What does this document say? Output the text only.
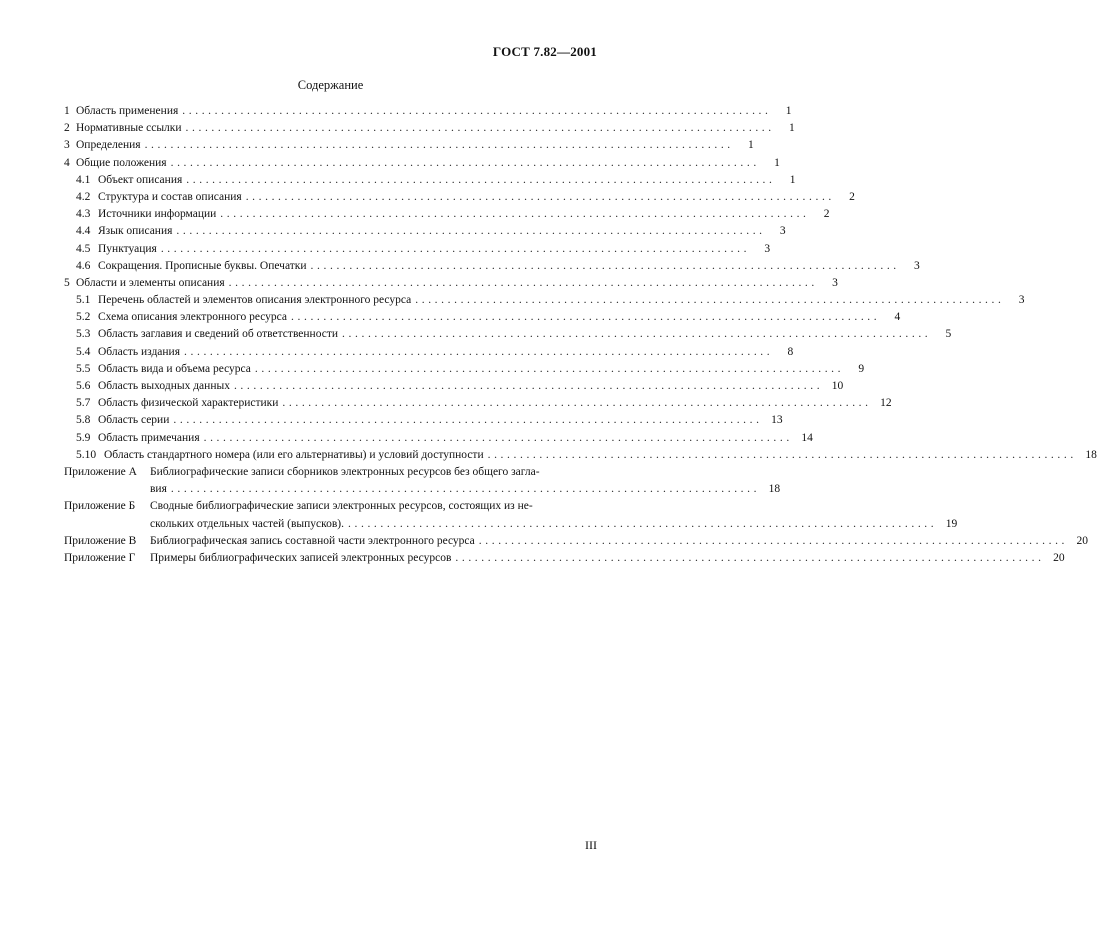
ГОСТ 7.82—2001
Содержание
1 Область применения ...........................................................................................	1
2 Нормативные ссылки ...........................................................................................	1
3 Определения ...........................................................................................	1
4 Общие положения ...........................................................................................	1
4.1 Объект описания ...........................................................................................	1
4.2 Структура и состав описания ...........................................................................................	2
4.3 Источники информации ...........................................................................................	2
4.4 Язык описания ...........................................................................................	3
4.5 Пунктуация ...........................................................................................	3
4.6 Сокращения. Прописные буквы. Опечатки ...........................................................................................	3
5 Области и элементы описания ...........................................................................................	3
5.1 Перечень областей и элементов описания электронного ресурса ...........................................................................................	3
5.2 Схема описания электронного ресурса ...........................................................................................	4
5.3 Область заглавия и сведений об ответственности ...........................................................................................	5
5.4 Область издания ...........................................................................................	8
5.5 Область вида и объема ресурса ...........................................................................................	9
5.6 Область выходных данных ........................................................................................... 10
5.7 Область физической характеристики ........................................................................................... 12
5.8 Область серии ........................................................................................... 13
5.9 Область примечания ........................................................................................... 14
5.10 Область стандартного номера (или его альтернативы) и условий доступности ........................................................................................... 18
Приложение А	Библиографические записи сборников электронных ресурсов без общего загла-
вия ........................................................................................... 18
Приложение Б	Сводные библиографические записи электронных ресурсов, состоящих из не-
скольких отдельных частей (выпусков). ........................................................................................... 19
Приложение В	Библиографическая запись составной части электронного ресурса ........................................................................................... 20
Приложение Г	Примеры библиографических записей электронных ресурсов ........................................................................................... 20
III
